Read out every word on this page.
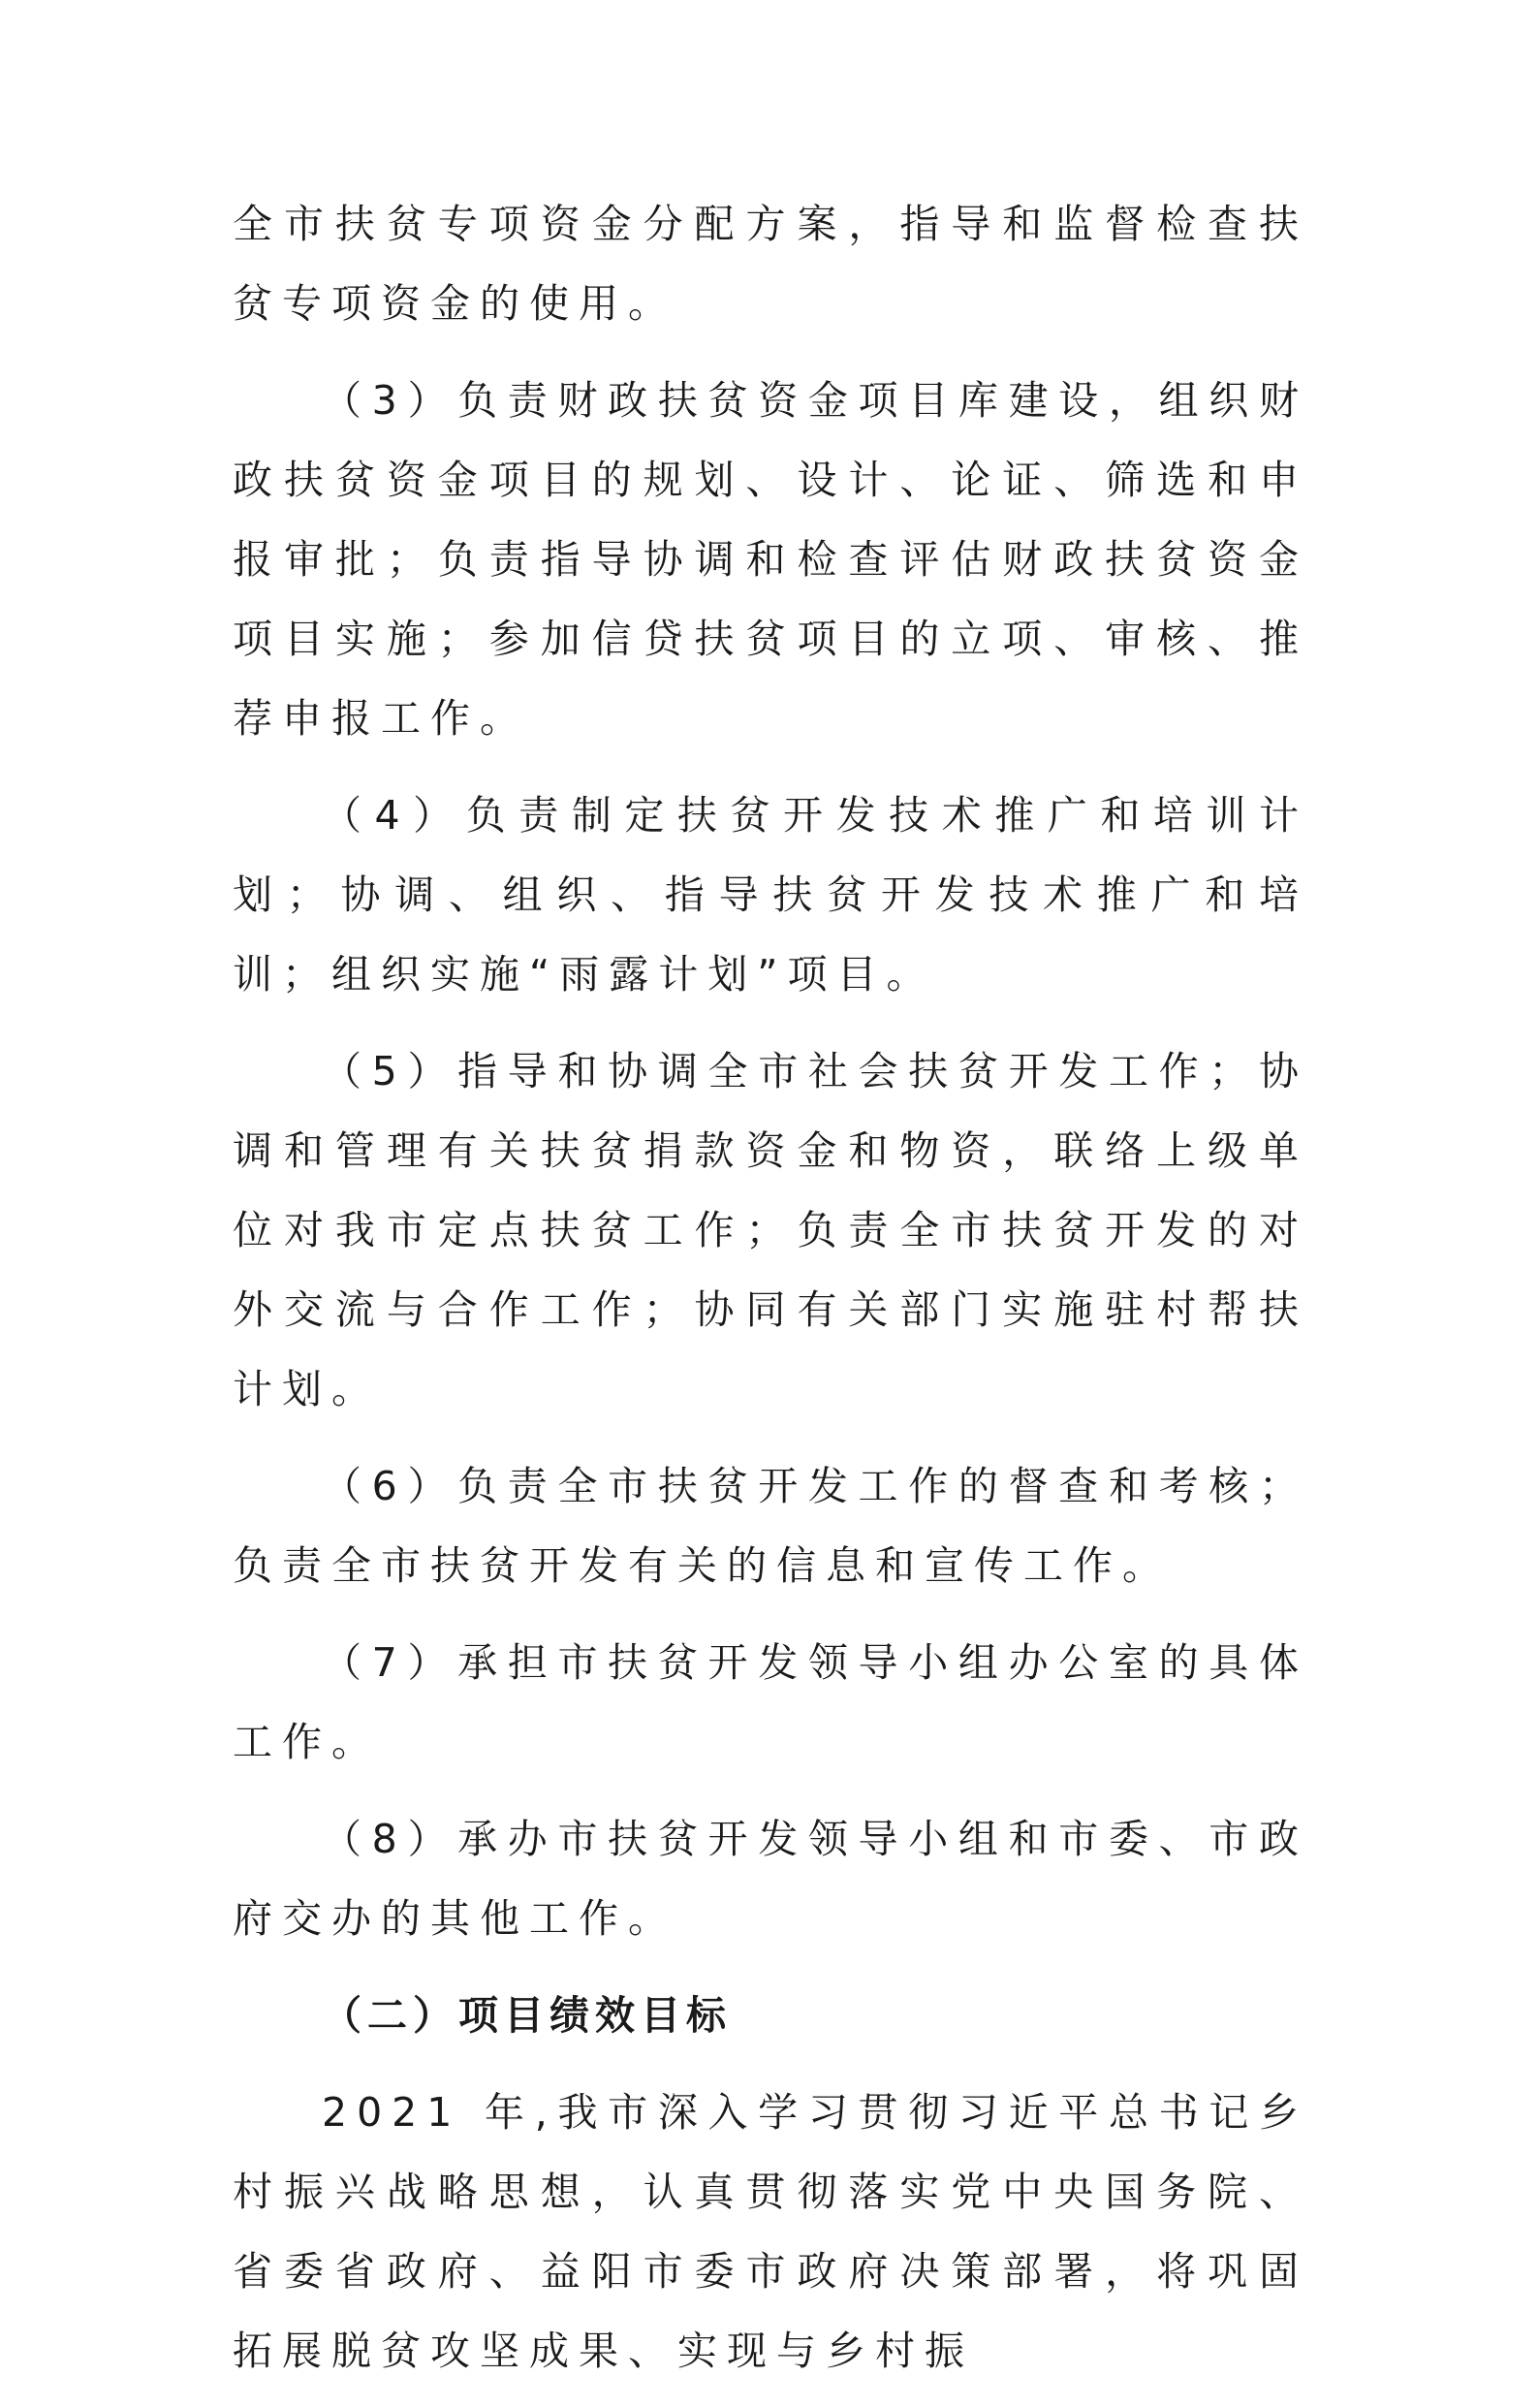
全市扶贫专项资金分配方案，指导和监督检查扶贫专项资金的使用。

（3）负责财政扶贫资金项目库建设，组织财政扶贫资金项目的规划、设计、论证、筛选和申报审批；负责指导协调和检查评估财政扶贫资金项目实施；参加信贷扶贫项目的立项、审核、推荐申报工作。

（4）负责制定扶贫开发技术推广和培训计划；协调、组织、指导扶贫开发技术推广和培训；组织实施“雨露计划”项目。

（5）指导和协调全市社会扶贫开发工作；协调和管理有关扶贫捐款资金和物资，联络上级单位对我市定点扶贫工作；负责全市扶贫开发的对外交流与合作工作；协同有关部门实施驻村帮扶计划。

（6）负责全市扶贫开发工作的督查和考核；负责全市扶贫开发有关的信息和宣传工作。

（7）承担市扶贫开发领导小组办公室的具体工作。

（8）承办市扶贫开发领导小组和市委、市政府交办的其他工作。

（二）项目绩效目标

2021 年,我市深入学习贯彻习近平总书记乡村振兴战略思想，认真贯彻落实党中央国务院、省委省政府、益阳市委市政府决策部署，将巩固拓展脱贫攻坚成果、实现与乡村振
